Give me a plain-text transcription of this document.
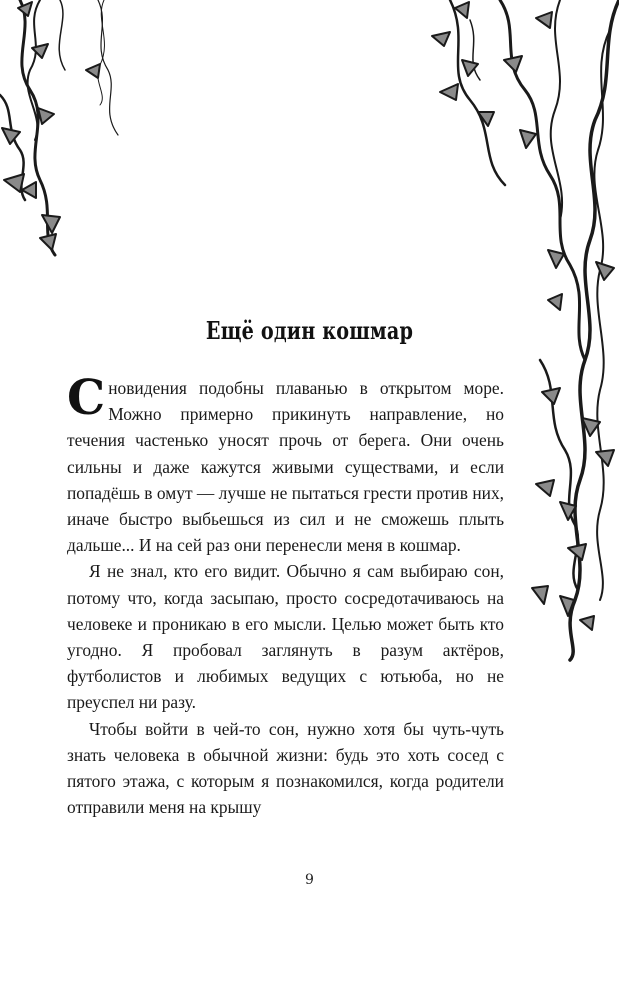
Ещё один кошмар

Сновидения подобны плаванью в открытом море. Можно примерно прикинуть направление, но течения частенько уносят прочь от берега. Они очень сильны и даже кажутся живыми существами, и если попадёшь в омут — лучше не пытаться грести против них, иначе быстро выбьешься из сил и не сможешь плыть дальше... И на сей раз они перенесли меня в кошмар.

Я не знал, кто его видит. Обычно я сам выбираю сон, потому что, когда засыпаю, просто сосредотачиваюсь на человеке и проникаю в его мысли. Целью может быть кто угодно. Я пробовал заглянуть в разум актёров, футболистов и любимых ведущих с ютьюба, но не преуспел ни разу.

Чтобы войти в чей-то сон, нужно хотя бы чуть-чуть знать человека в обычной жизни: будь это хоть сосед с пятого этажа, с которым я познакомился, когда родители отправили меня на крышу

9
